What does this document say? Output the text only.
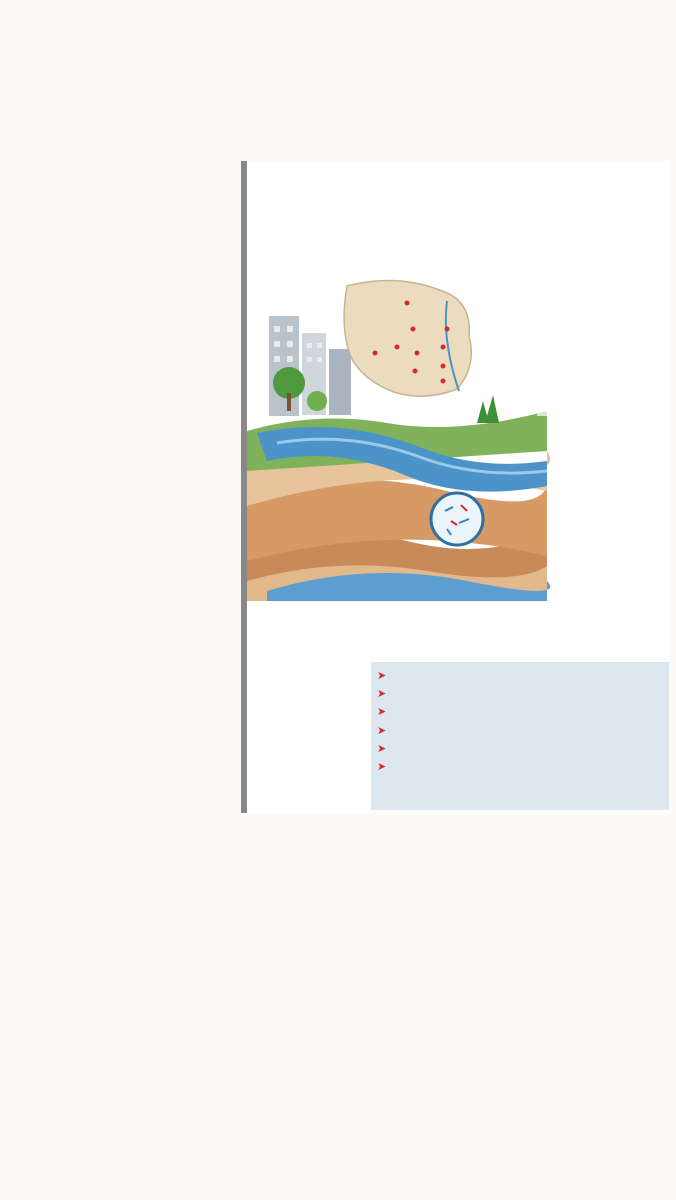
➤
➤
➤
➤
➤
➤
